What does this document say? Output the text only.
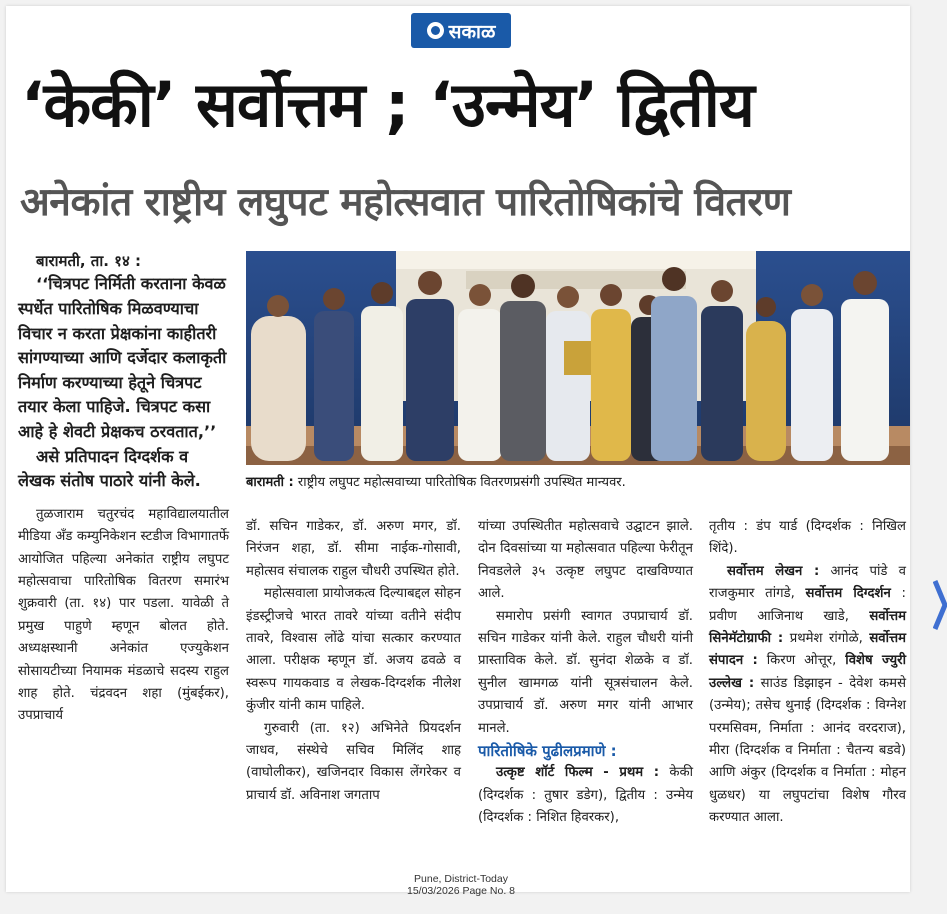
सकाळ
‘केकी’ सर्वोत्तम ; ‘उन्मेय’ द्वितीय
अनेकांत राष्ट्रीय लघुपट महोत्सवात पारितोषिकांचे वितरण

बारामती, ता. १४ :

‘‘चित्रपट निर्मिती करताना केवळ स्पर्धेत पारितोषिक मिळवण्याचा विचार न करता प्रेक्षकांना काहीतरी सांगण्याच्या आणि दर्जेदार कलाकृती निर्माण करण्याच्या हेतूने चित्रपट तयार केला पाहिजे. चित्रपट कसा आहे हे शेवटी प्रेक्षकच ठरवतात,’’

असे प्रतिपादन दिग्दर्शक व लेखक संतोष पाठारे यांनी केले.

तुळजाराम चतुरचंद महाविद्यालयातील मीडिया अँड कम्युनिकेशन स्टडीज विभागातर्फे आयोजित पहिल्या अनेकांत राष्ट्रीय लघुपट महोत्सवाचा पारितोषिक वितरण समारंभ शुक्रवारी (ता. १४) पार पडला. यावेळी ते प्रमुख पाहुणे म्हणून बोलत होते. अध्यक्षस्थानी अनेकांत एज्युकेशन सोसायटीच्या नियामक मंडळाचे सदस्य राहुल शाह होते. चंद्रवदन शहा (मुंबईकर), उपप्राचार्य

बारामती : राष्ट्रीय लघुपट महोत्सवाच्या पारितोषिक वितरणप्रसंगी उपस्थित मान्यवर.

डॉ. सचिन गाडेकर, डॉ. अरुण मगर, डॉ. निरंजन शहा, डॉ. सीमा नाईक-गोसावी, महोत्सव संचालक राहुल चौधरी उपस्थित होते.

महोत्सवाला प्रायोजकत्व दिल्याबद्दल सोहन इंडस्ट्रीजचे भारत तावरे यांच्या वतीने संदीप तावरे, विश्वास लोंढे यांचा सत्कार करण्यात आला. परीक्षक म्हणून डॉ. अजय ढवळे व स्वरूप गायकवाड व लेखक-दिग्दर्शक नीलेश कुंजीर यांनी काम पाहिले.

गुरुवारी (ता. १२) अभिनेते प्रियदर्शन जाधव, संस्थेचे सचिव मिलिंद शाह (वाघोलीकर), खजिनदार विकास लेंगरेकर व प्राचार्य डॉ. अविनाश जगताप

यांच्या उपस्थितीत महोत्सवाचे उद्घाटन झाले. दोन दिवसांच्या या महोत्सवात पहिल्या फेरीतून निवडलेले ३५ उत्कृष्ट लघुपट दाखविण्यात आले.

समारोप प्रसंगी स्वागत उपप्राचार्य डॉ. सचिन गाडेकर यांनी केले. राहुल चौधरी यांनी प्रास्ताविक केले. डॉ. सुनंदा शेळके व डॉ. सुनील खामगळ यांनी सूत्रसंचालन केले. उपप्राचार्य डॉ. अरुण मगर यांनी आभार मानले.

पारितोषिके पुढीलप्रमाणे :

उत्कृष्ट शॉर्ट फिल्म - प्रथम : केकी (दिग्दर्शक : तुषार डडेग), द्वितीय : उन्मेय (दिग्दर्शक : निशित हिवरकर),

तृतीय : डंप यार्ड (दिग्दर्शक : निखिल शिंदे).

सर्वोत्तम लेखन : आनंद पांडे व राजकुमार तांगडे, सर्वोत्तम दिग्दर्शन : प्रवीण आजिनाथ खाडे, सर्वोत्तम सिनेमॅटोग्राफी : प्रथमेश रांगोळे, सर्वोत्तम संपादन : किरण ओत्तूर, विशेष ज्युरी उल्लेख : साउंड डिझाइन - देवेश कमसे (उन्मेय); तसेच थुनाई (दिग्दर्शक : विग्नेश परमसिवम, निर्माता : आनंद वरदराज), मीरा (दिग्दर्शक व निर्माता : चैतन्य बडवे) आणि अंकुर (दिग्दर्शक व निर्माता : मोहन धुळधर) या लघुपटांचा विशेष गौरव करण्यात आला.

Pune, District-Today
15/03/2026 Page No. 8
